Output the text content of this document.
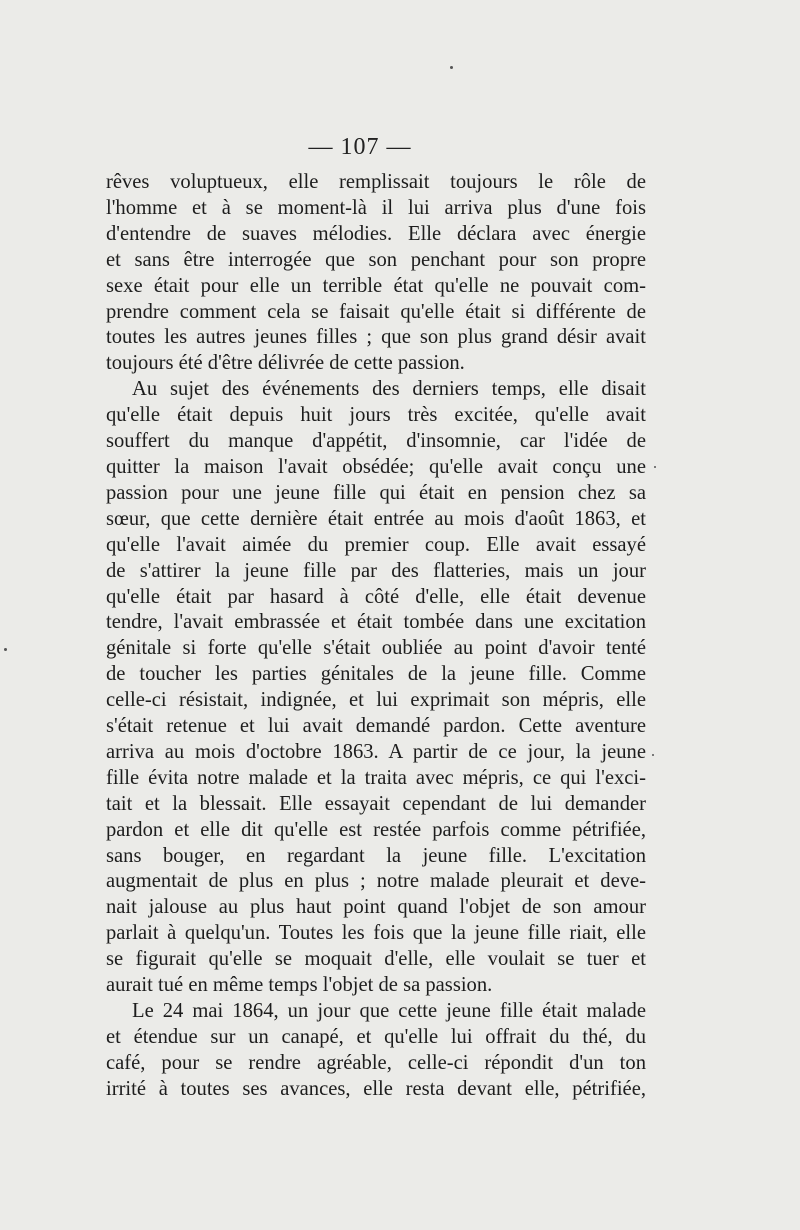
— 107 —
rêves voluptueux, elle remplissait toujours le rôle de
l'homme et à se moment-là il lui arriva plus d'une fois
d'entendre de suaves mélodies. Elle déclara avec énergie
et sans être interrogée que son penchant pour son propre
sexe était pour elle un terrible état qu'elle ne pouvait com-
prendre comment cela se faisait qu'elle était si différente de
toutes les autres jeunes filles ; que son plus grand désir avait
toujours été d'être délivrée de cette passion.
Au sujet des événements des derniers temps, elle disait
qu'elle était depuis huit jours très excitée, qu'elle avait
souffert du manque d'appétit, d'insomnie, car l'idée de
quitter la maison l'avait obsédée; qu'elle avait conçu une
passion pour une jeune fille qui était en pension chez sa
sœur, que cette dernière était entrée au mois d'août 1863, et
qu'elle l'avait aimée du premier coup. Elle avait essayé
de s'attirer la jeune fille par des flatteries, mais un jour
qu'elle était par hasard à côté d'elle, elle était devenue
tendre, l'avait embrassée et était tombée dans une excitation
génitale si forte qu'elle s'était oubliée au point d'avoir tenté
de toucher les parties génitales de la jeune fille. Comme
celle-ci résistait, indignée, et lui exprimait son mépris, elle
s'était retenue et lui avait demandé pardon. Cette aventure
arriva au mois d'octobre 1863. A partir de ce jour, la jeune
fille évita notre malade et la traita avec mépris, ce qui l'exci-
tait et la blessait. Elle essayait cependant de lui demander
pardon et elle dit qu'elle est restée parfois comme pétrifiée,
sans bouger, en regardant la jeune fille. L'excitation
augmentait de plus en plus ; notre malade pleurait et deve-
nait jalouse au plus haut point quand l'objet de son amour
parlait à quelqu'un. Toutes les fois que la jeune fille riait, elle
se figurait qu'elle se moquait d'elle, elle voulait se tuer et
aurait tué en même temps l'objet de sa passion.
Le 24 mai 1864, un jour que cette jeune fille était malade
et étendue sur un canapé, et qu'elle lui offrait du thé, du
café, pour se rendre agréable, celle-ci répondit d'un ton
irrité à toutes ses avances, elle resta devant elle, pétrifiée,
